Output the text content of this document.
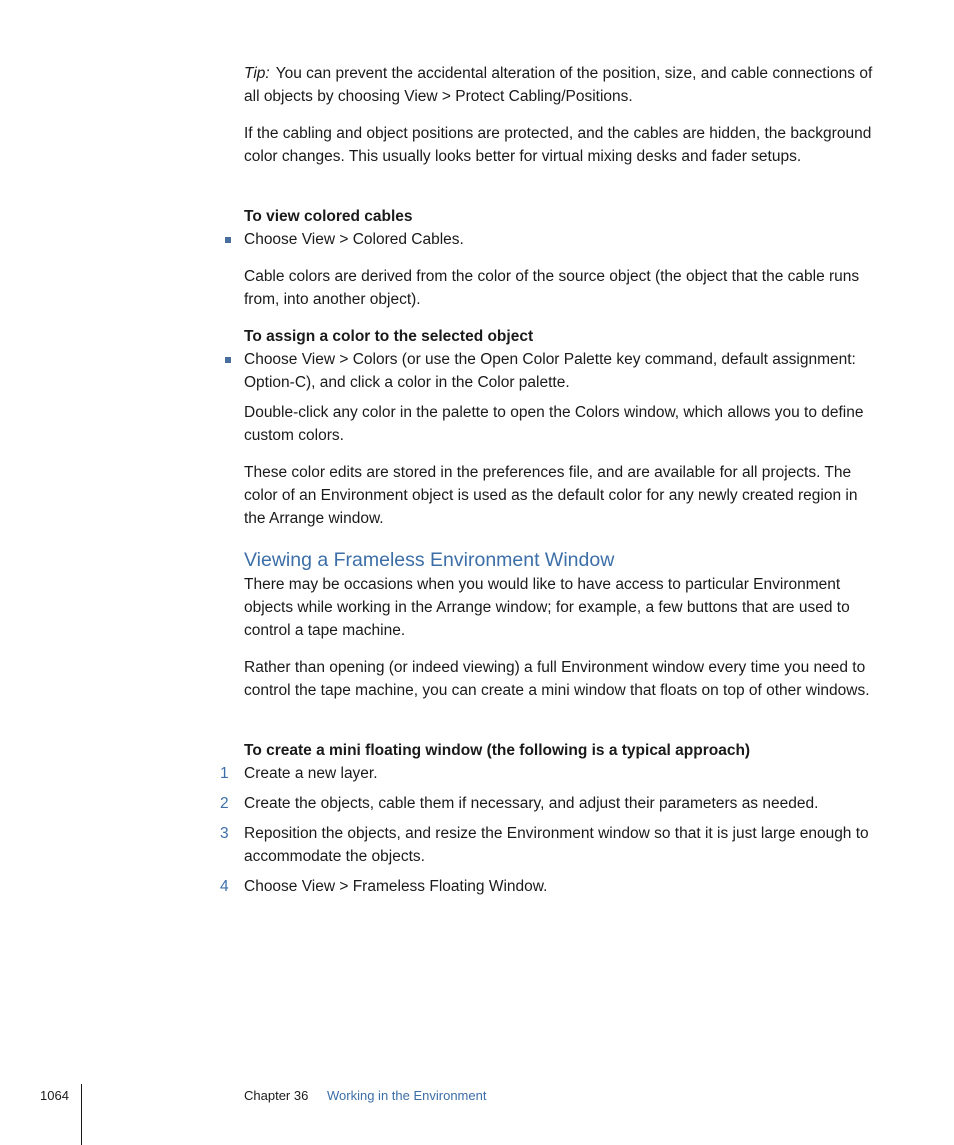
Tip: You can prevent the accidental alteration of the position, size, and cable connections of all objects by choosing View > Protect Cabling/Positions.

If the cabling and object positions are protected, and the cables are hidden, the background color changes. This usually looks better for virtual mixing desks and fader setups.

To view colored cables

Choose View > Colored Cables.

Cable colors are derived from the color of the source object (the object that the cable runs from, into another object).

To assign a color to the selected object

Choose View > Colors (or use the Open Color Palette key command, default assignment: Option-C), and click a color in the Color palette.

Double-click any color in the palette to open the Colors window, which allows you to define custom colors.

These color edits are stored in the preferences file, and are available for all projects. The color of an Environment object is used as the default color for any newly created region in the Arrange window.

Viewing a Frameless Environment Window

There may be occasions when you would like to have access to particular Environment objects while working in the Arrange window; for example, a few buttons that are used to control a tape machine.

Rather than opening (or indeed viewing) a full Environment window every time you need to control the tape machine, you can create a mini window that floats on top of other windows.

To create a mini floating window (the following is a typical approach)

1 Create a new layer.
2 Create the objects, cable them if necessary, and adjust their parameters as needed.
3 Reposition the objects, and resize the Environment window so that it is just large enough to accommodate the objects.
4 Choose View > Frameless Floating Window.
1064	Chapter 36 Working in the Environment
